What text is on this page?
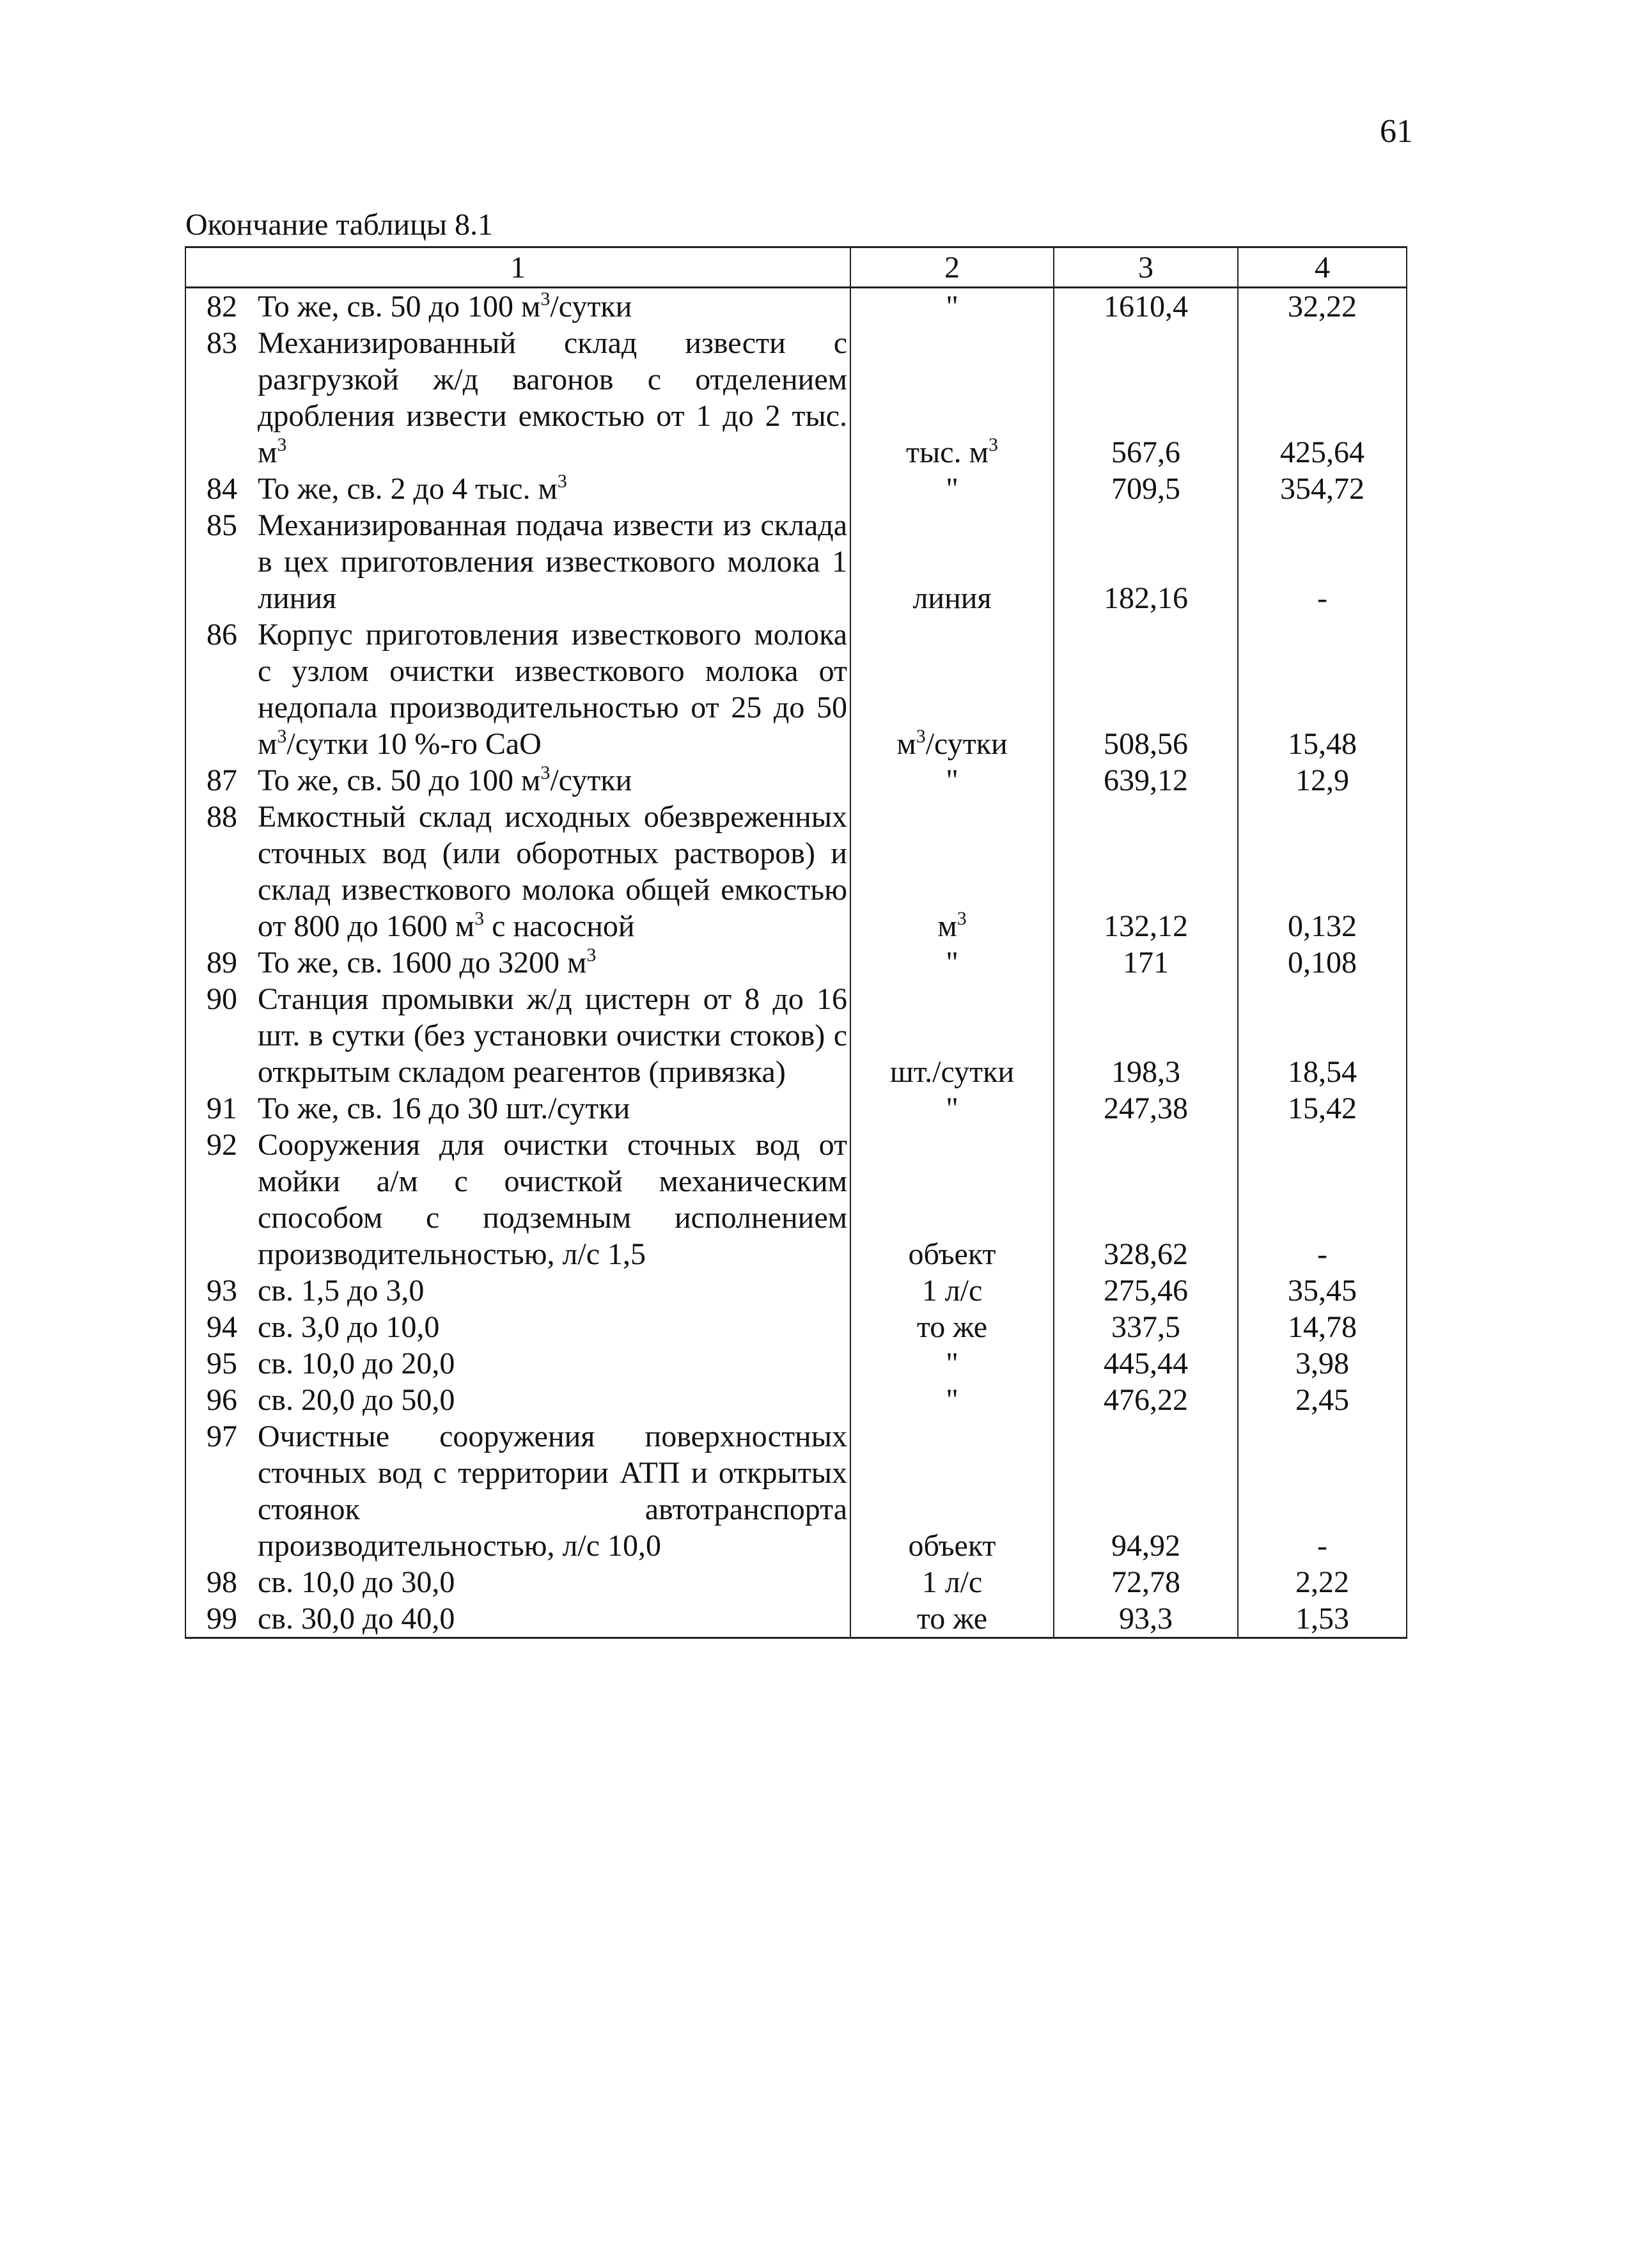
61
Окончание таблицы 8.1
1	2	3	4

82 То же, св. 50 до 100 $м^3$/сутки	"	1610,4	32,22

83 Механизированный склад извести с разгрузкой ж/д вагонов с отделением дробления извести емкостью от 1 до 2 тыс. $м^3$	тыс. $м^3$	567,6	425,64

84 То же, св. 2 до 4 тыс. $м^3$	"	709,5	354,72

85 Механизированная подача извести из склада в цех приготовления известкового молока 1 линия	линия	182,16	-

86 Корпус приготовления известкового молока с узлом очистки известкового молока от недопала производительностью от 25 до 50 $м^3$/сутки 10 %-го СаО	$м^3$/сутки	508,56	15,48

87 То же, св. 50 до 100 $м^3$/сутки	"	639,12	12,9

88 Емкостный склад исходных обезвреженных сточных вод (или оборотных растворов) и склад известкового молока общей емкостью от 800 до 1600 $м^3$ с насосной	$м^3$	132,12	0,132

89 То же, св. 1600 до 3200 $м^3$	"	171	0,108

90 Станция промывки ж/д цистерн от 8 до 16 шт. в сутки (без установки очистки стоков) с открытым складом реагентов (привязка)	шт./сутки	198,3	18,54

91 То же, св. 16 до 30 шт./сутки	"	247,38	15,42

92 Сооружения для очистки сточных вод от мойки а/м с очисткой механическим способом с подземным исполнением производительностью, л/с 1,5	объект	328,62	-

93 св. 1,5 до 3,0	1 л/с	275,46	35,45

94 св. 3,0 до 10,0	то же	337,5	14,78

95 св. 10,0 до 20,0	"	445,44	3,98

96 св. 20,0 до 50,0	"	476,22	2,45

97 Очистные сооружения поверхностных сточных вод с территории АТП и открытых стоянок автотранспорта производительностью, л/с 10,0	объект	94,92	-

98 св. 10,0 до 30,0	1 л/с	72,78	2,22

99 св. 30,0 до 40,0	то же	93,3	1,53
